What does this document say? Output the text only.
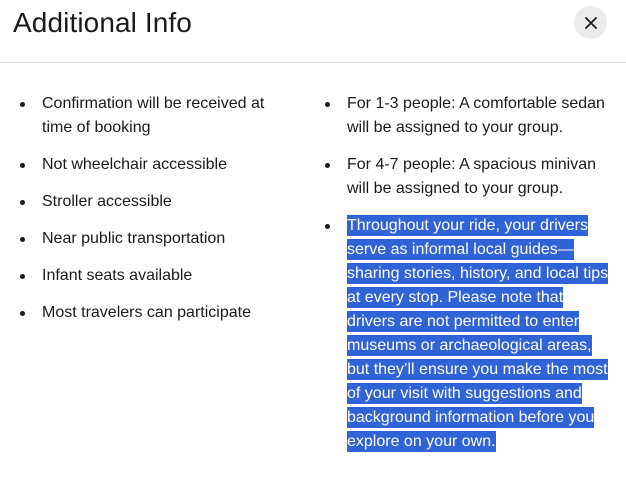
Additional Info
Confirmation will be received at time of booking
Not wheelchair accessible
Stroller accessible
Near public transportation
Infant seats available
Most travelers can participate
For 1-3 people: A comfortable sedan will be assigned to your group.
For 4-7 people: A spacious minivan will be assigned to your group.
Throughout your ride, your drivers serve as informal local guides—sharing stories, history, and local tips at every stop. Please note that drivers are not permitted to enter museums or archaeological areas, but they’ll ensure you make the most of your visit with suggestions and background information before you explore on your own.
